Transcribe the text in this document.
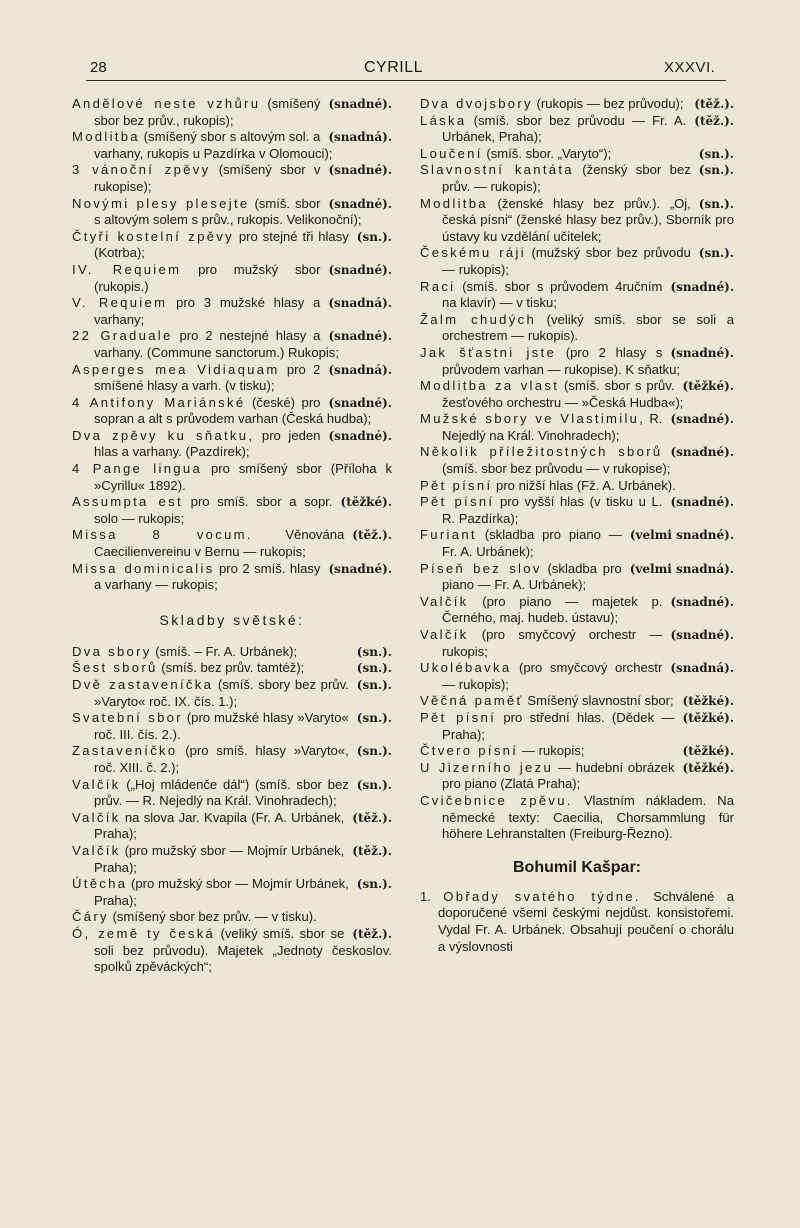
28	CYRILL	XXXVI.

(snadné).
Andělové neste vzhůru (smíšený sbor bez prův., rukopis);

(snadná).
Modlitba (smíšený sbor s altovým sol. a varhany, rukopis u Pazdírka v Olomouci);

(snadné).
3 vánoční zpěvy (smíšený sbor v rukopise);

(snadné).
Novými plesy plesejte (smíš. sbor s altovým solem s prův., rukopis. Velikonoční);

(sn.).
Čtyři kostelní zpěvy pro stejné tři hlasy (Kotrba);

(snadné).
IV. Requiem pro mužský sbor (rukopis.)

(snadná).
V. Requiem pro 3 mužské hlasy a varhany;

(snadné).
22 Graduale pro 2 nestejné hlasy a varhany. (Commune sanctorum.) Rukopis;

(snadná).
Asperges mea Vidiaquam pro 2 smíšené hlasy a varh. (v tisku);

(snadné).
4 Antifony Mariánské (české) pro sopran a alt s průvodem varhan (Česká hudba);

(snadné).
Dva zpěvy ku sňatku, pro jeden hlas a varhany. (Pazdírek);

4 Pange lingua pro smíšený sbor (Příloha k »Cyrillu« 1892).

(těžké).
Assumpta est pro smíš. sbor a sopr. solo — rukopis;

(těž.).
Missa 8 vocum. Věnována Caecilienvereinu v Bernu — rukopis;

(snadné).
Missa dominicalis pro 2 smíš. hlasy a varhany — rukopis;

Skladby světské:

(sn.).
Dva sbory (smíš. – Fr. A. Urbánek);

(sn.).
Šest sborů (smíš. bez prův. tamtéž);

(sn.).
Dvě zastaveníčka (smíš. sbory bez prův. »Varyto« roč. IX. čís. 1.);

(sn.).
Svatební sbor (pro mužské hlasy »Varyto« roč. III. čís. 2.).

(sn.).
Zastaveníčko (pro smíš. hlasy »Varyto«, roč. XIII. č. 2.);

(sn.).
Valčík („Hoj mládenče dál“) (smíš. sbor bez prův. — R. Nejedlý na Král. Vinohradech);

(těž.).
Valčík na slova Jar. Kvapila (Fr. A. Urbánek, Praha);

(těž.).
Valčík (pro mužský sbor — Mojmír Urbánek, Praha);

(sn.).
Útěcha (pro mužský sbor — Mojmír Urbánek, Praha);

Čáry (smíšený sbor bez prův. — v tisku).

(těž.).
Ó, země ty česká (veliký smíš. sbor se soli bez průvodu). Majetek „Jednoty českoslov. spolků zpěváckých“;

(těž.).
Dva dvojsbory (rukopis — bez průvodu);

(těž.).
Láska (smíš. sbor bez průvodu — Fr. A. Urbánek, Praha);

(sn.).
Loučení (smíš. sbor. „Varyto“);

(sn.).
Slavnostní kantáta (ženský sbor bez prův. — rukopis);

(sn.).
Modlitba (ženské hlasy bez prův.). „Oj, česká písni“ (ženské hlasy bez prův.), Sborník pro ústavy ku vzdělání učitelek;

(sn.).
Českému ráji (mužský sbor bez průvodu — rukopis);

(snadné).
Raci (smíš. sbor s průvodem 4ručním na klavír) — v tisku;

Žalm chudých (veliký smíš. sbor se soli a orchestrem — rukopis).

(snadné).
Jak šťastni jste (pro 2 hlasy s průvodem varhan — rukopise). K sňatku;

(těžké).
Modlitba za vlast (smíš. sbor s prův. žesťového orchestru — »Česká Hudba«);

(snadné).
Mužské sbory ve Vlastimilu, R. Nejedlý na Král. Vinohradech);

(snadné).
Několik příležitostných sborů (smíš. sbor bez průvodu — v rukopise);

Pět písní pro nižší hlas (Fž. A. Urbánek).

(snadné).
Pět písní pro vyšší hlas (v tisku u L. R. Pazdírka);

(velmi snadné).
Furiant (skladba pro piano — Fr. A. Urbánek);

(velmi snadná).
Píseň bez slov (skladba pro piano — Fr. A. Urbánek);

(snadné).
Valčík (pro piano — majetek p. Černého, maj. hudeb. ústavu);

(snadné).
Valčík (pro smyčcový orchestr — rukopis;

(snadná).
Ukolébavka (pro smyčcový orchestr — rukopis);

(těžké).
Věčná paměť Smíšený slavnostní sbor;

(těžké).
Pět písní pro střední hlas. (Dědek — Praha);

(těžké).
Čtvero písní — rukopis;

(těžké).
U Jizerního jezu — hudební obrázek pro piano (Zlatá Praha);

Cvičebnice zpěvu. Vlastním nákladem. Na německé texty: Caecilia, Chorsammlung für höhere Lehranstalten (Freiburg-Řezno).

Bohumil Kašpar:

1. Obřady svatého týdne. Schválené a doporučené všemi českými nejdůst. konsistořemi. Vydal Fr. A. Urbánek. Obsahují poučení o chorálu a výslovnosti
